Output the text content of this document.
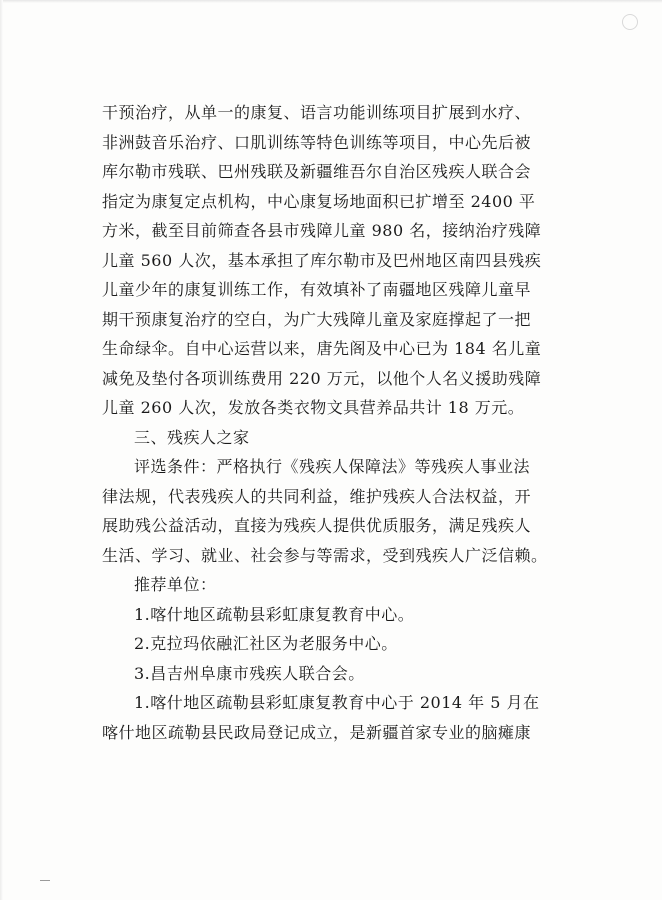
干预治疗，从单一的康复、语言功能训练项目扩展到水疗、
非洲鼓音乐治疗、口肌训练等特色训练等项目，中心先后被
库尔勒市残联、巴州残联及新疆维吾尔自治区残疾人联合会
指定为康复定点机构，中心康复场地面积已扩增至 2400 平
方米，截至目前筛查各县市残障儿童 980 名，接纳治疗残障
儿童 560 人次，基本承担了库尔勒市及巴州地区南四县残疾
儿童少年的康复训练工作，有效填补了南疆地区残障儿童早
期干预康复治疗的空白，为广大残障儿童及家庭撑起了一把
生命绿伞。自中心运营以来，唐先阁及中心已为 184 名儿童
减免及垫付各项训练费用 220 万元，以他个人名义援助残障
儿童 260 人次，发放各类衣物文具营养品共计 18 万元。
三、残疾人之家
评选条件：严格执行《残疾人保障法》等残疾人事业法
律法规，代表残疾人的共同利益，维护残疾人合法权益，开
展助残公益活动，直接为残疾人提供优质服务，满足残疾人
生活、学习、就业、社会参与等需求，受到残疾人广泛信赖。
推荐单位：
1.喀什地区疏勒县彩虹康复教育中心。
2.克拉玛依融汇社区为老服务中心。
3.昌吉州阜康市残疾人联合会。
1.喀什地区疏勒县彩虹康复教育中心于 2014 年 5 月在
喀什地区疏勒县民政局登记成立，是新疆首家专业的脑瘫康
